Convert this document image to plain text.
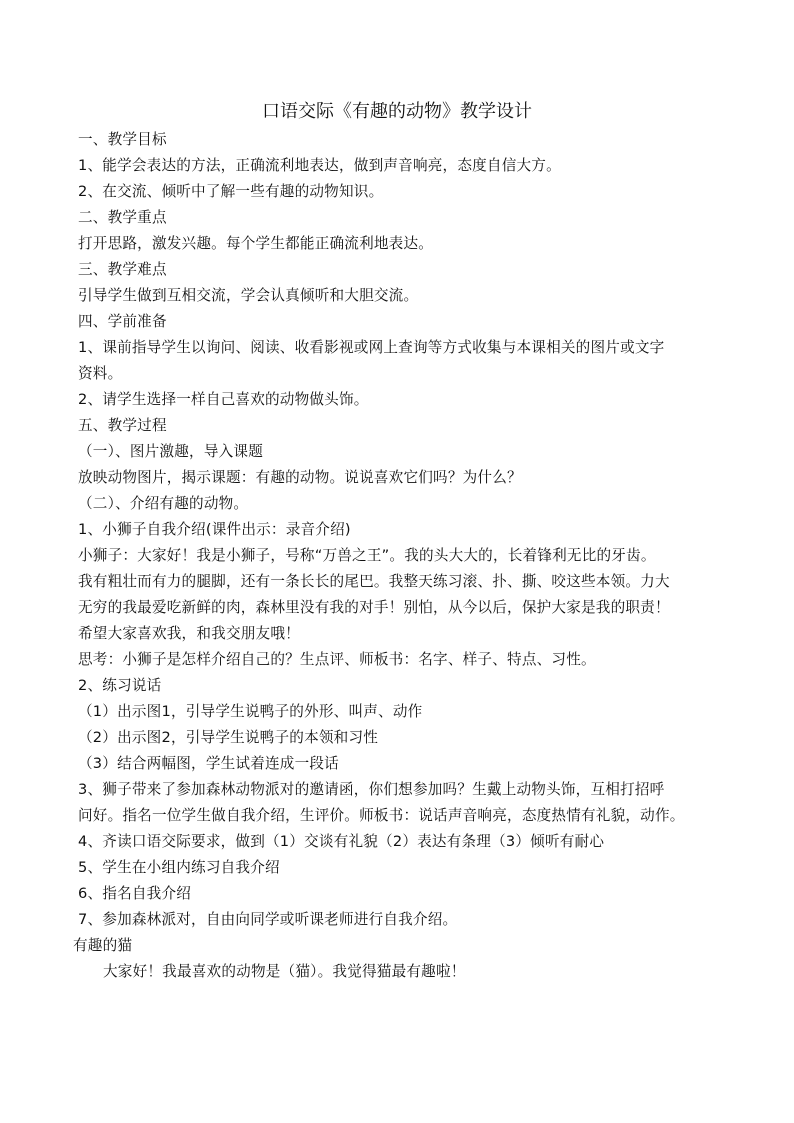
口语交际《有趣的动物》教学设计
一、教学目标
1、能学会表达的方法，正确流利地表达，做到声音响亮，态度自信大方。
2、在交流、倾听中了解一些有趣的动物知识。
二、教学重点
打开思路，激发兴趣。每个学生都能正确流利地表达。
三、教学难点
引导学生做到互相交流，学会认真倾听和大胆交流。
四、学前准备
1、课前指导学生以询问、阅读、收看影视或网上查询等方式收集与本课相关的图片或文字
资料。
2、请学生选择一样自己喜欢的动物做头饰。
五、教学过程
（一）、图片激趣，导入课题
放映动物图片，揭示课题：有趣的动物。说说喜欢它们吗？为什么？
（二）、介绍有趣的动物。
1、小狮子自我介绍(课件出示：录音介绍)
小狮子：大家好！我是小狮子，号称“万兽之王”。我的头大大的，长着锋利无比的牙齿。
我有粗壮而有力的腿脚，还有一条长长的尾巴。我整天练习滚、扑、撕、咬这些本领。力大
无穷的我最爱吃新鲜的肉，森林里没有我的对手！别怕，从今以后，保护大家是我的职责！
希望大家喜欢我，和我交朋友哦！
思考：小狮子是怎样介绍自己的？生点评、师板书：名字、样子、特点、习性。
2、练习说话
（1）出示图1，引导学生说鸭子的外形、叫声、动作
（2）出示图2，引导学生说鸭子的本领和习性
（3）结合两幅图，学生试着连成一段话
3、狮子带来了参加森林动物派对的邀请函，你们想参加吗？生戴上动物头饰，互相打招呼
问好。指名一位学生做自我介绍，生评价。师板书：说话声音响亮，态度热情有礼貌，动作。
4、齐读口语交际要求，做到（1）交谈有礼貌（2）表达有条理（3）倾听有耐心
5、学生在小组内练习自我介绍
6、指名自我介绍
7、参加森林派对，自由向同学或听课老师进行自我介绍。
有趣的猫
大家好！我最喜欢的动物是（猫）。我觉得猫最有趣啦！
